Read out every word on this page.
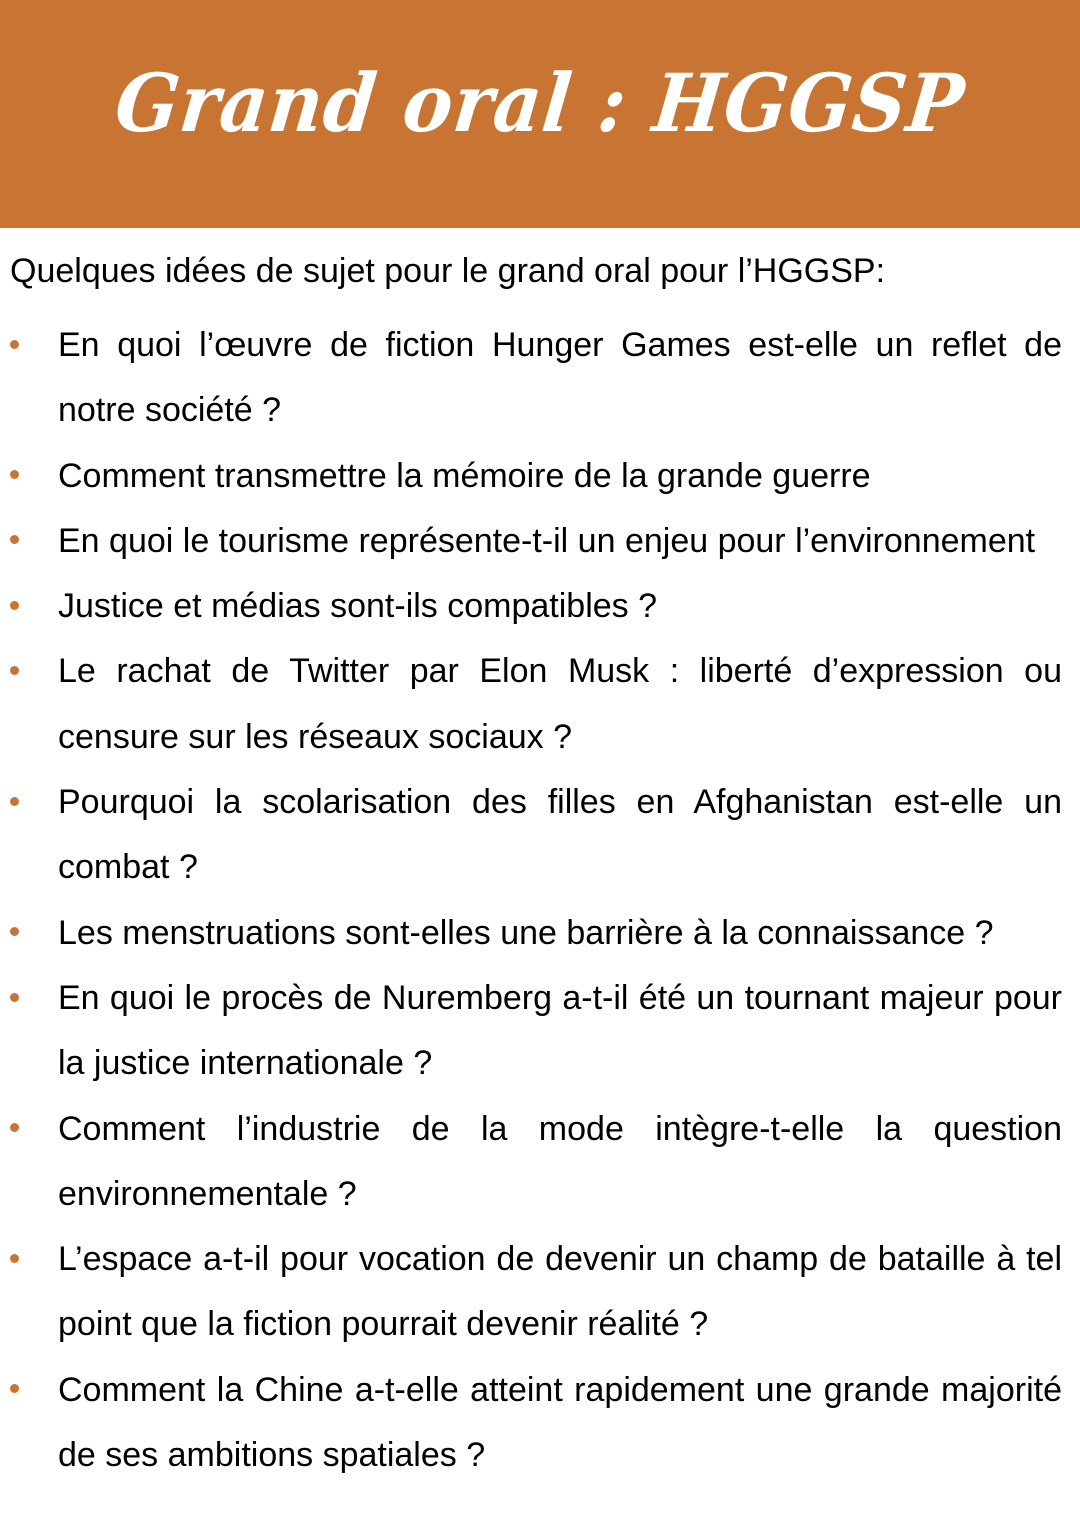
Grand oral : HGGSP
Quelques idées de sujet pour le grand oral pour l’HGGSP:
En quoi l’œuvre de fiction Hunger Games est-elle un reflet de notre société ?
Comment transmettre la mémoire de la grande guerre
En quoi le tourisme représente-t-il un enjeu pour l’environnement
Justice et médias sont-ils compatibles ?
Le rachat de Twitter par Elon Musk : liberté d’expression ou censure sur les réseaux sociaux ?
Pourquoi la scolarisation des filles en Afghanistan est-elle un combat ?
Les menstruations sont-elles une barrière à la connaissance ?
En quoi le procès de Nuremberg a-t-il été un tournant majeur pour la justice internationale ?
Comment l’industrie de la mode intègre-t-elle la question environnementale ?
L’espace a-t-il pour vocation de devenir un champ de bataille à tel point que la fiction pourrait devenir réalité ?
Comment la Chine a-t-elle atteint rapidement une grande majorité de ses ambitions spatiales ?
